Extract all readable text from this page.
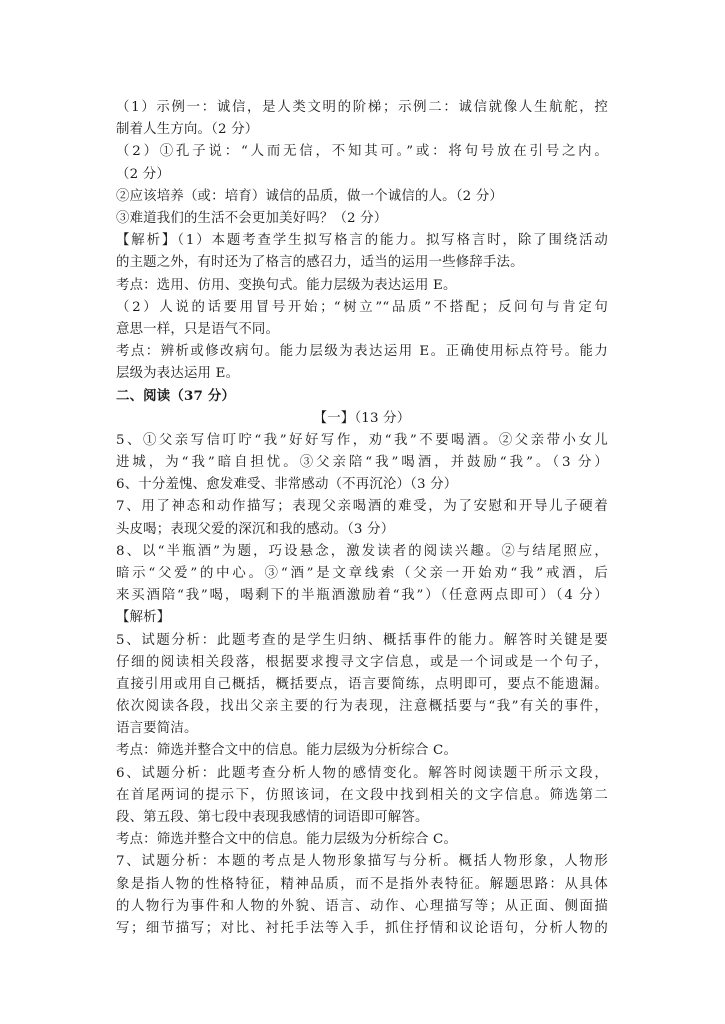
（1）示例一：诚信，是人类文明的阶梯；示例二：诚信就像人生航舵，控
制着人生方向。（2 分）
（2）①孔子说：“人而无信，不知其可。”或：将句号放在引号之内。
（2 分）
②应该培养（或：培育）诚信的品质，做一个诚信的人。（2 分）
③难道我们的生活不会更加美好吗？（2 分）
【解析】（1）本题考查学生拟写格言的能力。拟写格言时，除了围绕活动
的主题之外，有时还为了格言的感召力，适当的运用一些修辞手法。
考点：选用、仿用、变换句式。能力层级为表达运用 E。
（2）人说的话要用冒号开始；“树立”“品质”不搭配；反问句与肯定句
意思一样，只是语气不同。
考点：辨析或修改病句。能力层级为表达运用 E。正确使用标点符号。能力
层级为表达运用 E。
二、阅读（37 分）
【一】（13 分）
5、①父亲写信叮咛“我”好好写作，劝“我”不要喝酒。②父亲带小女儿
进城，为“我”暗自担忧。③父亲陪“我”喝酒，并鼓励“我”。（3 分）
6、十分羞愧、愈发难受、非常感动（不再沉沦）（3 分）
7、用了神态和动作描写；表现父亲喝酒的难受，为了安慰和开导儿子硬着
头皮喝；表现父爱的深沉和我的感动。（3 分）
8、以“半瓶酒”为题，巧设悬念，激发读者的阅读兴趣。②与结尾照应，
暗示“父爱”的中心。③“酒”是文章线索（父亲一开始劝“我”戒酒，后
来买酒陪“我”喝，喝剩下的半瓶酒激励着“我”）（任意两点即可）（4 分）
【解析】
5、试题分析：此题考查的是学生归纳、概括事件的能力。解答时关键是要
仔细的阅读相关段落，根据要求搜寻文字信息，或是一个词或是一个句子，
直接引用或用自己概括，概括要点，语言要简练，点明即可，要点不能遗漏。
依次阅读各段，找出父亲主要的行为表现，注意概括要与“我”有关的事件，
语言要简洁。
考点：筛选并整合文中的信息。能力层级为分析综合 C。
6、试题分析：此题考查分析人物的感情变化。解答时阅读题干所示文段，
在首尾两词的提示下，仿照该词，在文段中找到相关的文字信息。筛选第二
段、第五段、第七段中表现我感情的词语即可解答。
考点：筛选并整合文中的信息。能力层级为分析综合 C。
7、试题分析：本题的考点是人物形象描写与分析。概括人物形象，人物形
象是指人物的性格特征，精神品质，而不是指外表特征。解题思路：从具体
的人物行为事件和人物的外貌、语言、动作、心理描写等；从正面、侧面描
写；细节描写；对比、衬托手法等入手，抓住抒情和议论语句，分析人物的
